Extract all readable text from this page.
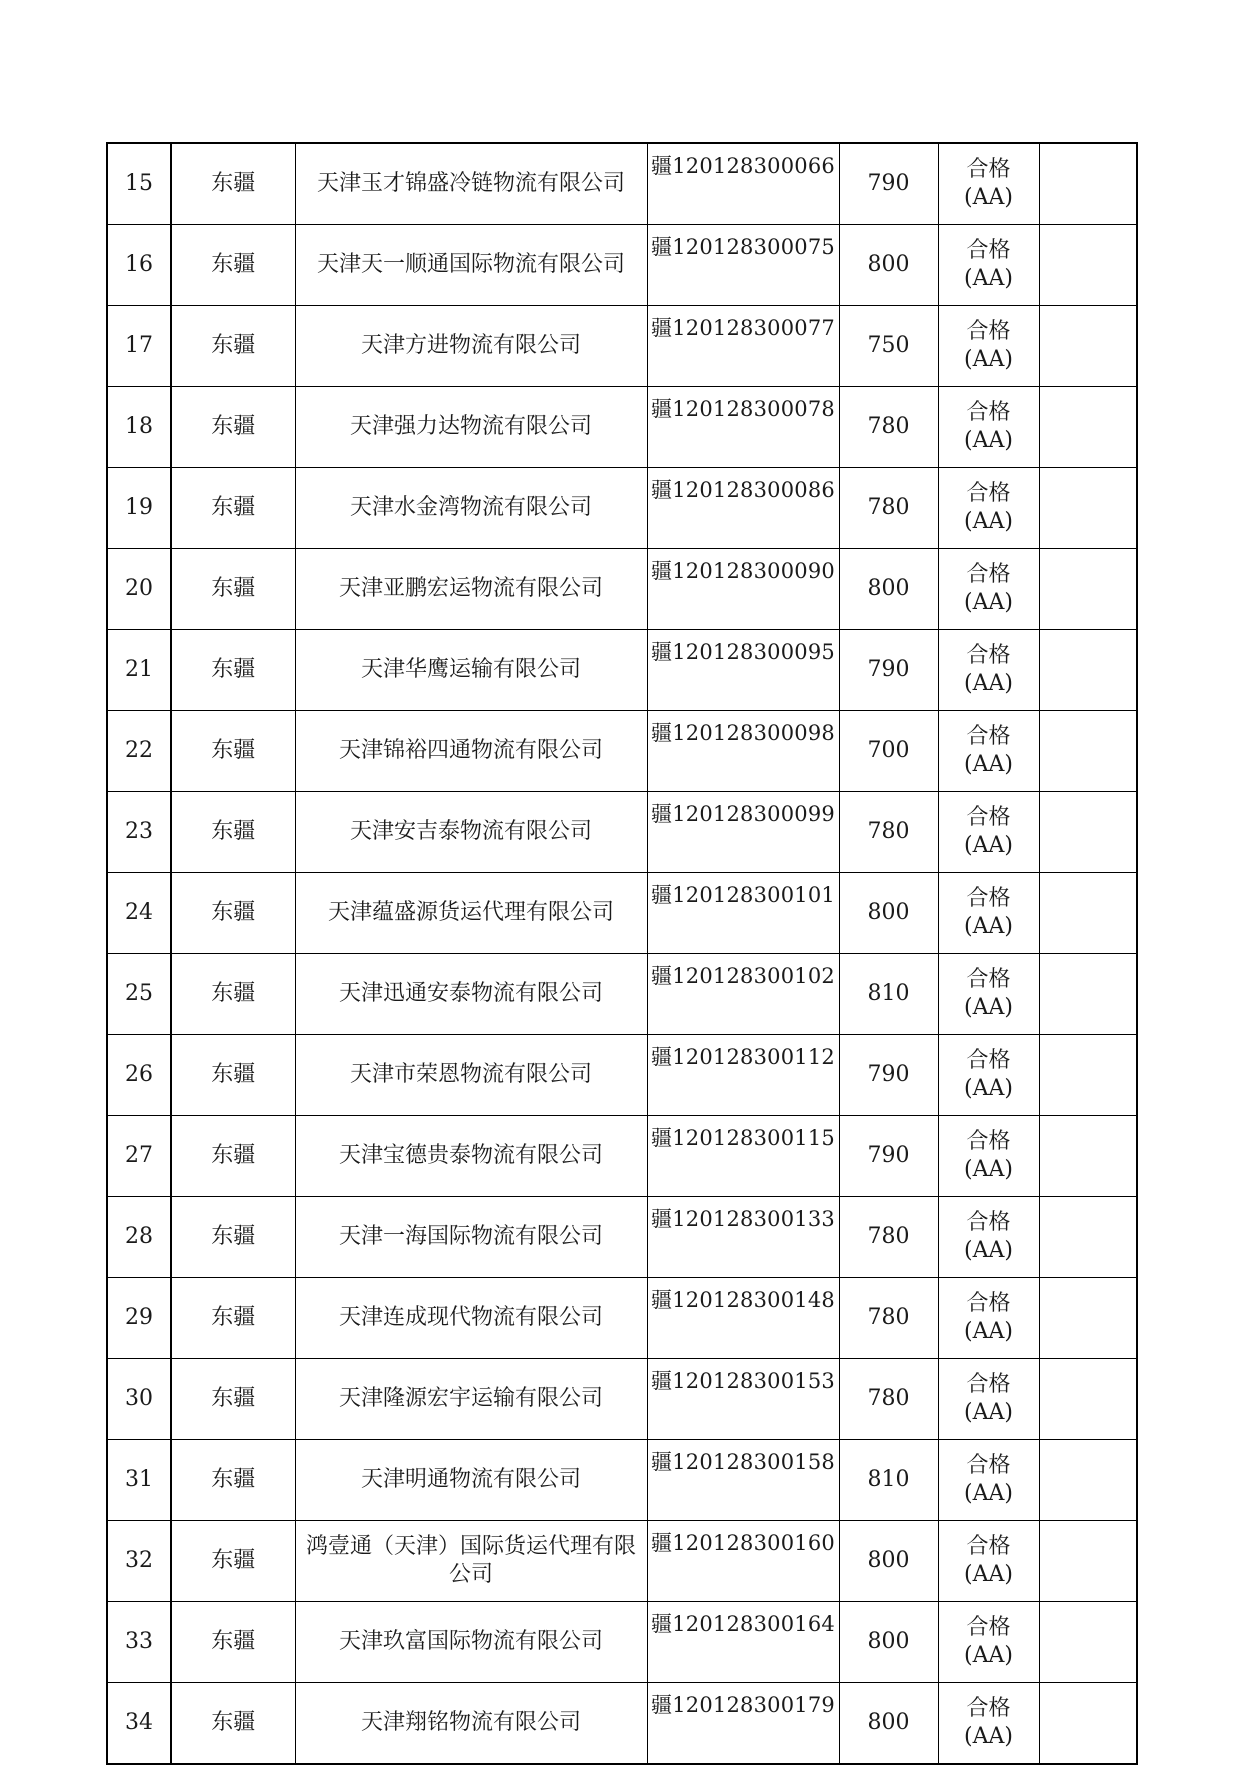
15	东疆	天津玉才锦盛冷链物流有限公司	疆120128300066	790	合格
(AA)	

16	东疆	天津天一顺通国际物流有限公司	疆120128300075	800	合格
(AA)	

17	东疆	天津方进物流有限公司	疆120128300077	750	合格
(AA)	

18	东疆	天津强力达物流有限公司	疆120128300078	780	合格
(AA)	

19	东疆	天津水金湾物流有限公司	疆120128300086	780	合格
(AA)	

20	东疆	天津亚鹏宏运物流有限公司	疆120128300090	800	合格
(AA)	

21	东疆	天津华鹰运输有限公司	疆120128300095	790	合格
(AA)	

22	东疆	天津锦裕四通物流有限公司	疆120128300098	700	合格
(AA)	

23	东疆	天津安吉泰物流有限公司	疆120128300099	780	合格
(AA)	

24	东疆	天津蕴盛源货运代理有限公司	疆120128300101	800	合格
(AA)	

25	东疆	天津迅通安泰物流有限公司	疆120128300102	810	合格
(AA)	

26	东疆	天津市荣恩物流有限公司	疆120128300112	790	合格
(AA)	

27	东疆	天津宝德贵泰物流有限公司	疆120128300115	790	合格
(AA)	

28	东疆	天津一海国际物流有限公司	疆120128300133	780	合格
(AA)	

29	东疆	天津连成现代物流有限公司	疆120128300148	780	合格
(AA)	

30	东疆	天津隆源宏宇运输有限公司	疆120128300153	780	合格
(AA)	

31	东疆	天津明通物流有限公司	疆120128300158	810	合格
(AA)	

32	东疆	鸿壹通（天津）国际货运代理有限公司	疆120128300160	800	合格
(AA)	

33	东疆	天津玖富国际物流有限公司	疆120128300164	800	合格
(AA)	

34	东疆	天津翔铭物流有限公司	疆120128300179	800	合格
(AA)	
